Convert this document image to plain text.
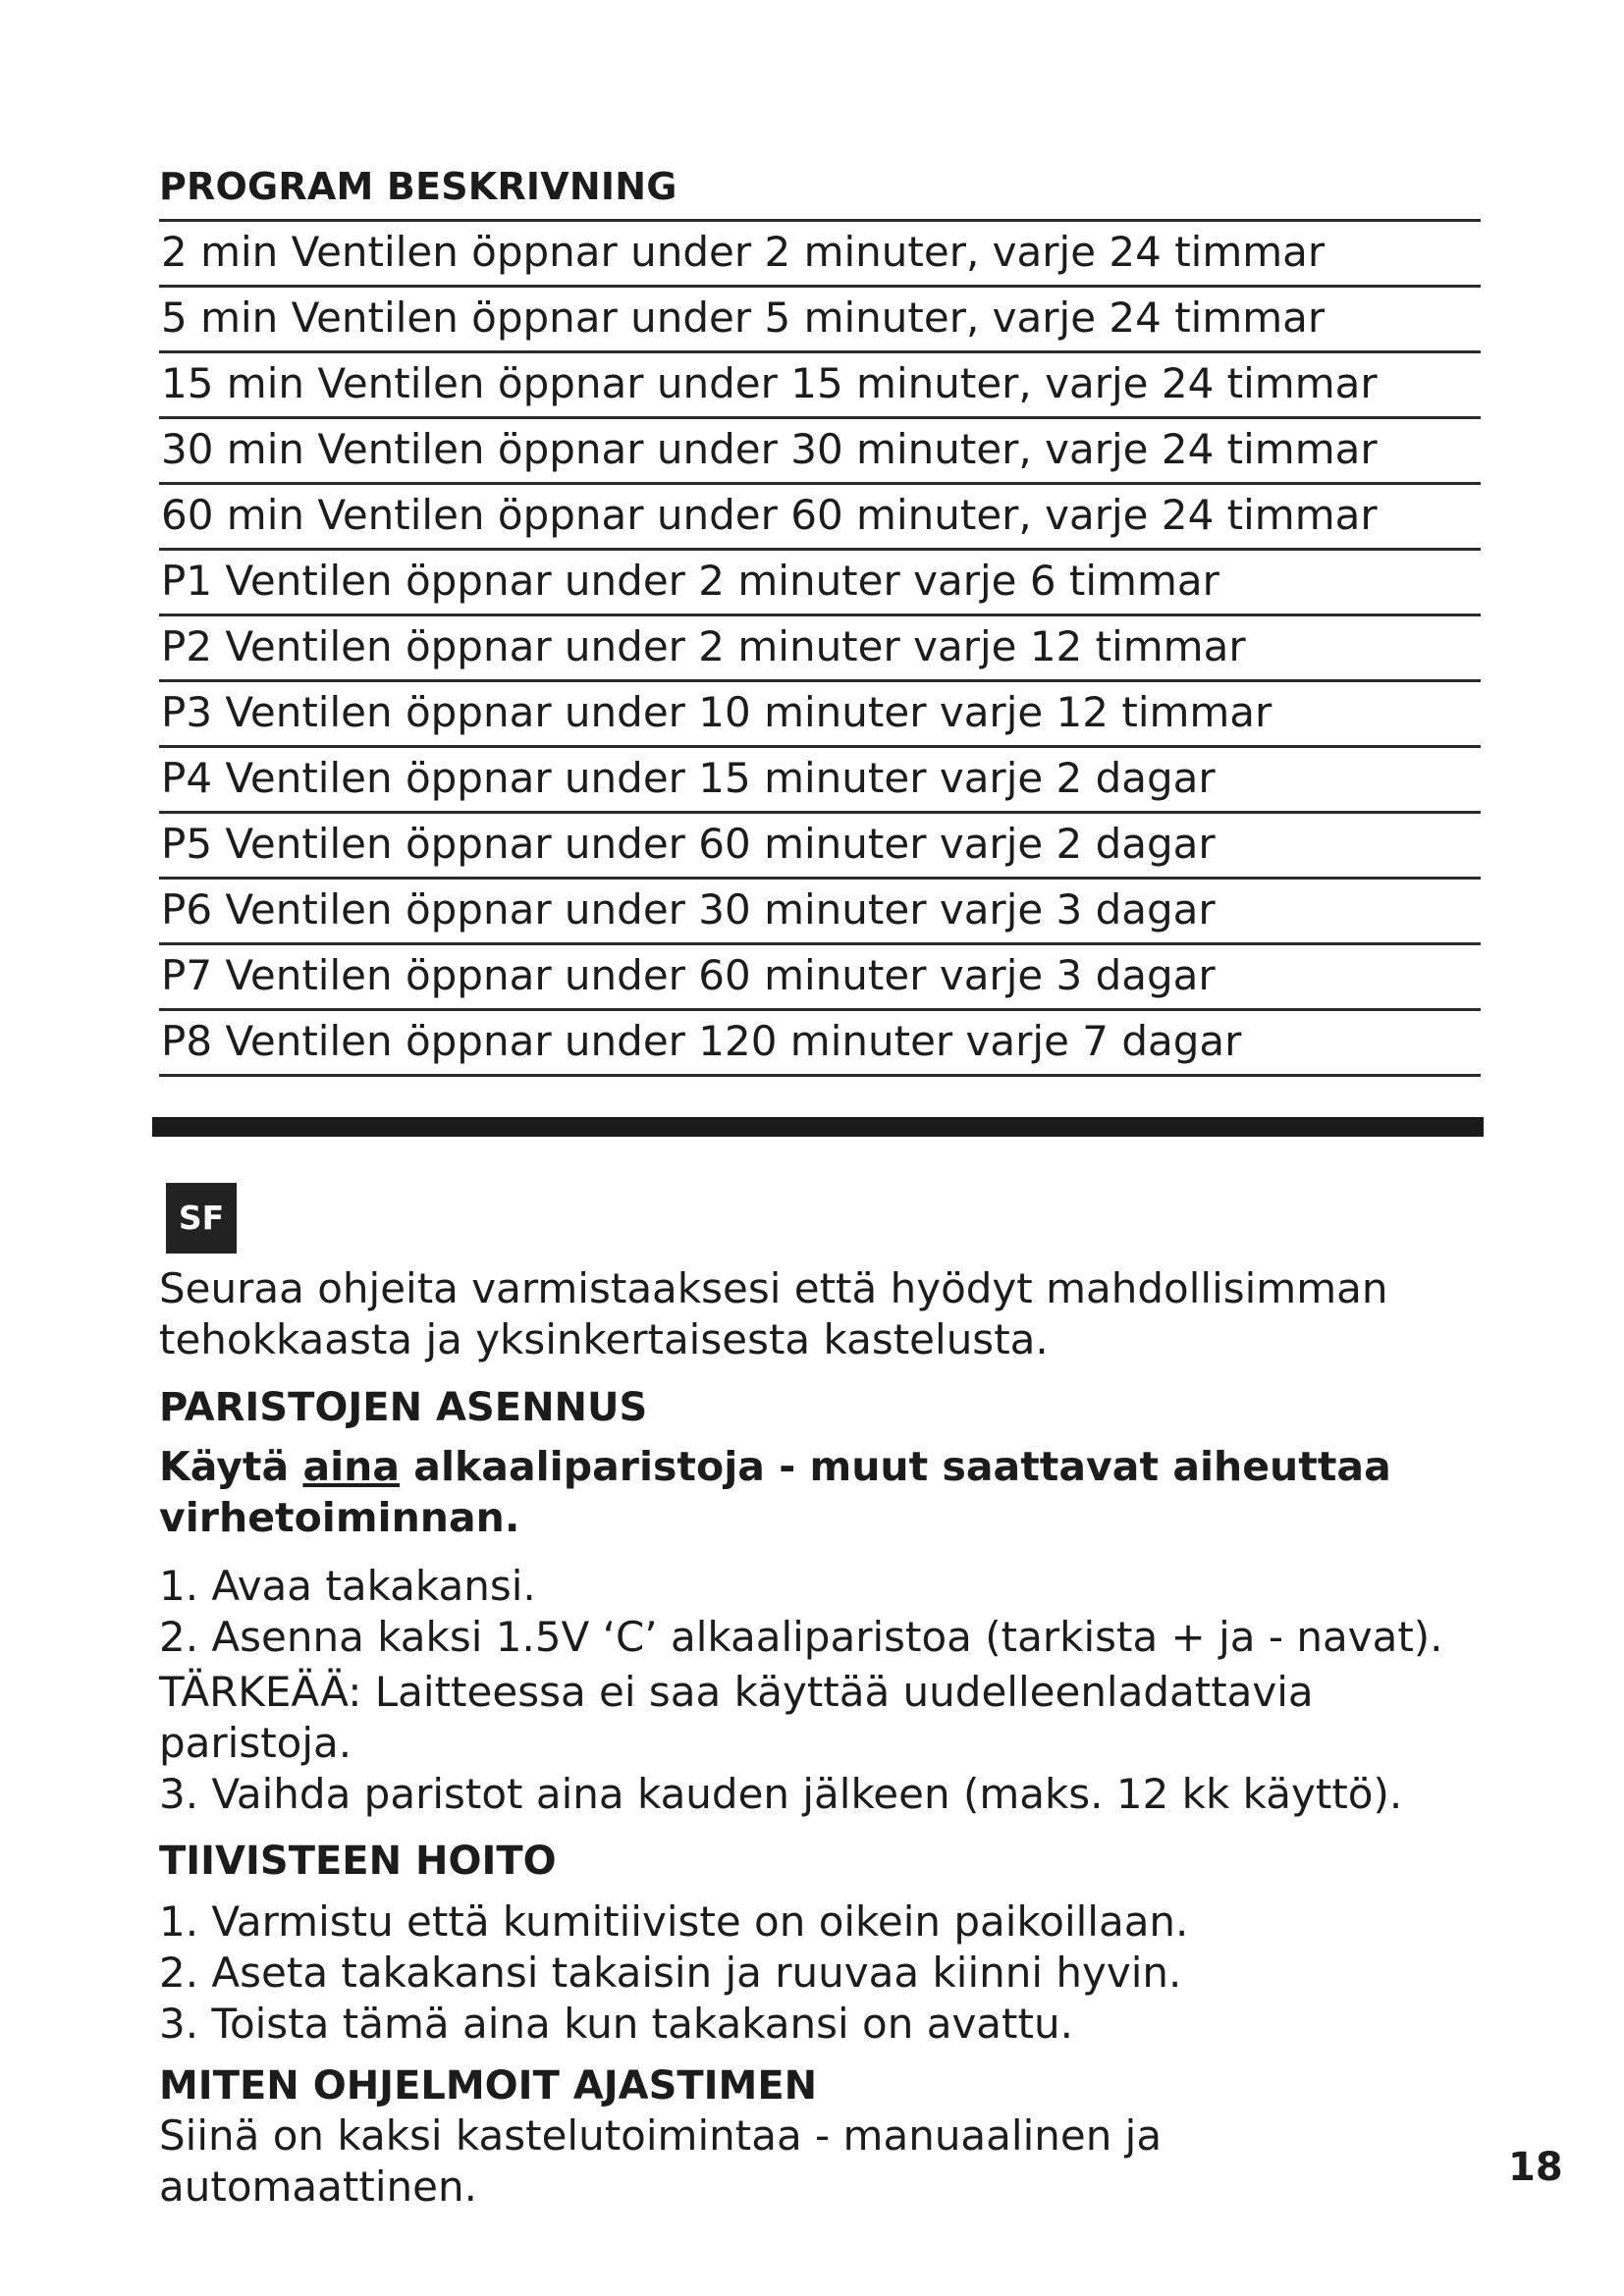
PROGRAM BESKRIVNING
2 min Ventilen öppnar under 2 minuter, varje 24 timmar
5 min Ventilen öppnar under 5 minuter, varje 24 timmar
15 min Ventilen öppnar under 15 minuter, varje 24 timmar
30 min Ventilen öppnar under 30 minuter, varje 24 timmar
60 min Ventilen öppnar under 60 minuter, varje 24 timmar
P1 Ventilen öppnar under 2 minuter varje 6 timmar
P2 Ventilen öppnar under 2 minuter varje 12 timmar
P3 Ventilen öppnar under 10 minuter varje 12 timmar
P4 Ventilen öppnar under 15 minuter varje 2 dagar
P5 Ventilen öppnar under 60 minuter varje 2 dagar
P6 Ventilen öppnar under 30 minuter varje 3 dagar
P7 Ventilen öppnar under 60 minuter varje 3 dagar
P8 Ventilen öppnar under 120 minuter varje 7 dagar
SF
Seuraa ohjeita varmistaaksesi että hyödyt mahdollisimman
tehokkaasta ja yksinkertaisesta kastelusta.
PARISTOJEN ASENNUS
Käytä aina alkaaliparistoja - muut saattavat aiheuttaa
virhetoiminnan.
1. Avaa takakansi.
2. Asenna kaksi 1.5V ‘C’ alkaaliparistoa (tarkista + ja - navat).
TÄRKEÄÄ: Laitteessa ei saa käyttää uudelleenladattavia
paristoja.
3. Vaihda paristot aina kauden jälkeen (maks. 12 kk käyttö).
TIIVISTEEN HOITO
1. Varmistu että kumitiiviste on oikein paikoillaan.
2. Aseta takakansi takaisin ja ruuvaa kiinni hyvin.
3. Toista tämä aina kun takakansi on avattu.
MITEN OHJELMOIT AJASTIMEN
Siinä on kaksi kastelutoimintaa - manuaalinen ja automaattinen.	18
